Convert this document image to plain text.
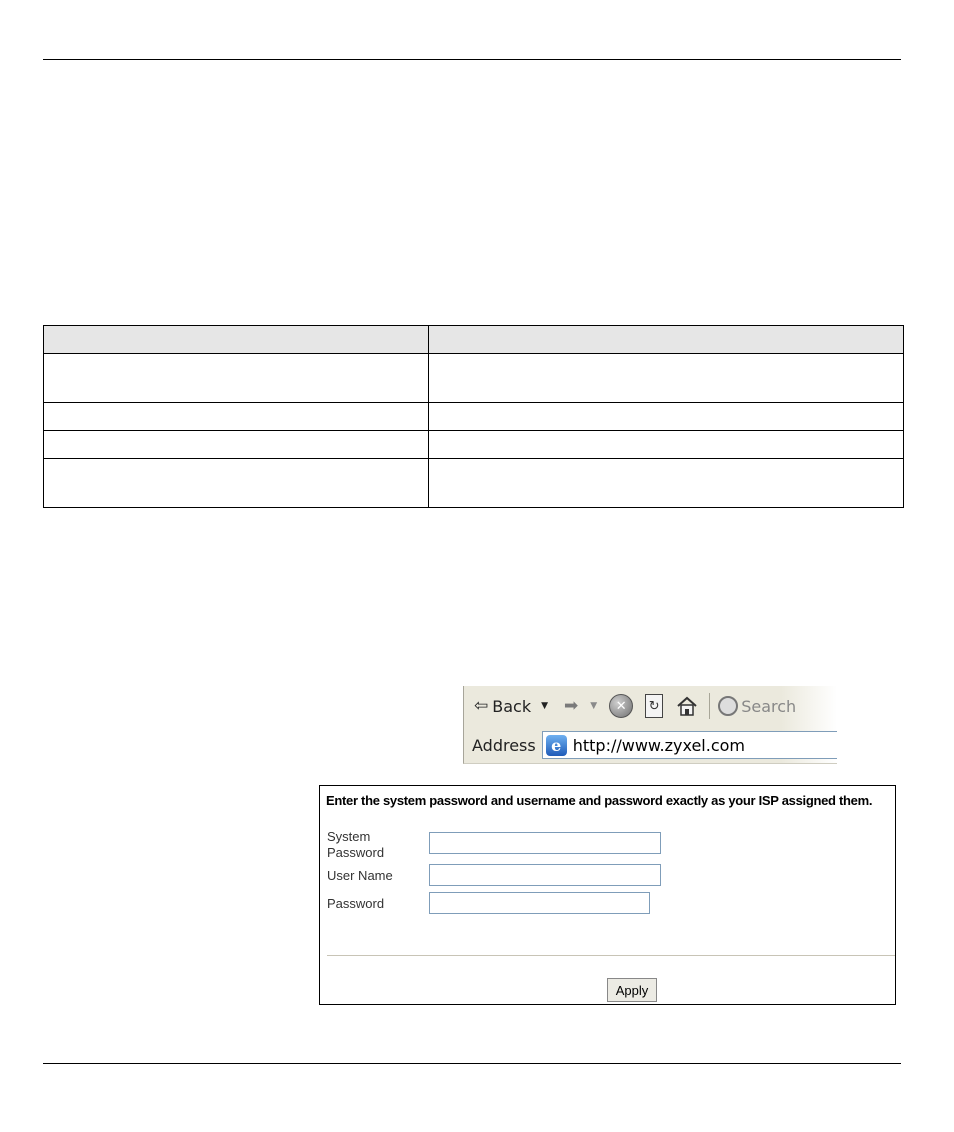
⇦ Back ▼ ➡ ▼	✕	↻	Search
Address e http://www.zyxel.com
Enter the system password and username and password exactly as your ISP assigned them.
System
Password
User Name
Password
Apply
